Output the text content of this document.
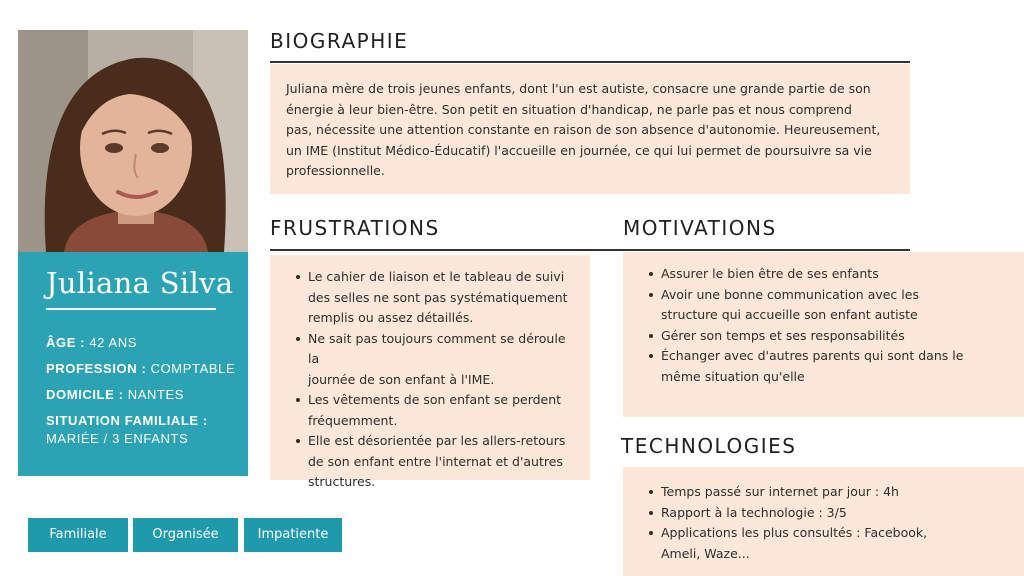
Juliana Silva
ÂGE : 42 ANS
PROFESSION : COMPTABLE
DOMICILE : NANTES
SITUATION FAMILIALE :
MARIÉE / 3 ENFANTS
BIOGRAPHIE

Juliana mère de trois jeunes enfants, dont l'un est autiste, consacre une grande partie de son

énergie à leur bien-être. Son petit en situation d'handicap, ne parle pas et nous comprend

pas, nécessite une attention constante en raison de son absence d'autonomie. Heureusement,

un IME (Institut Médico-Éducatif) l'accueille en journée, ce qui lui permet de poursuivre sa vie

professionnelle.

FRUSTRATIONS	MOTIVATIONS
Le cahier de liaison et le tableau de suivi
des selles ne sont pas systématiquement
remplis ou assez détaillés.
Ne sait pas toujours comment se déroule la
journée de son enfant à l'IME.
Les vêtements de son enfant se perdent
fréquemment.
Elle est désorientée par les allers-retours
de son enfant entre l'internat et d'autres
structures.
Assurer le bien être de ses enfants
Avoir une bonne communication avec les
structure qui accueille son enfant autiste
Gérer son temps et ses responsabilités
Échanger avec d'autres parents qui sont dans le
même situation qu'elle
TECHNOLOGIES
Temps passé sur internet par jour : 4h
Rapport à la technologie : 3/5
Applications les plus consultés : Facebook,
Ameli, Waze...
Familiale	Organisée	Impatiente
